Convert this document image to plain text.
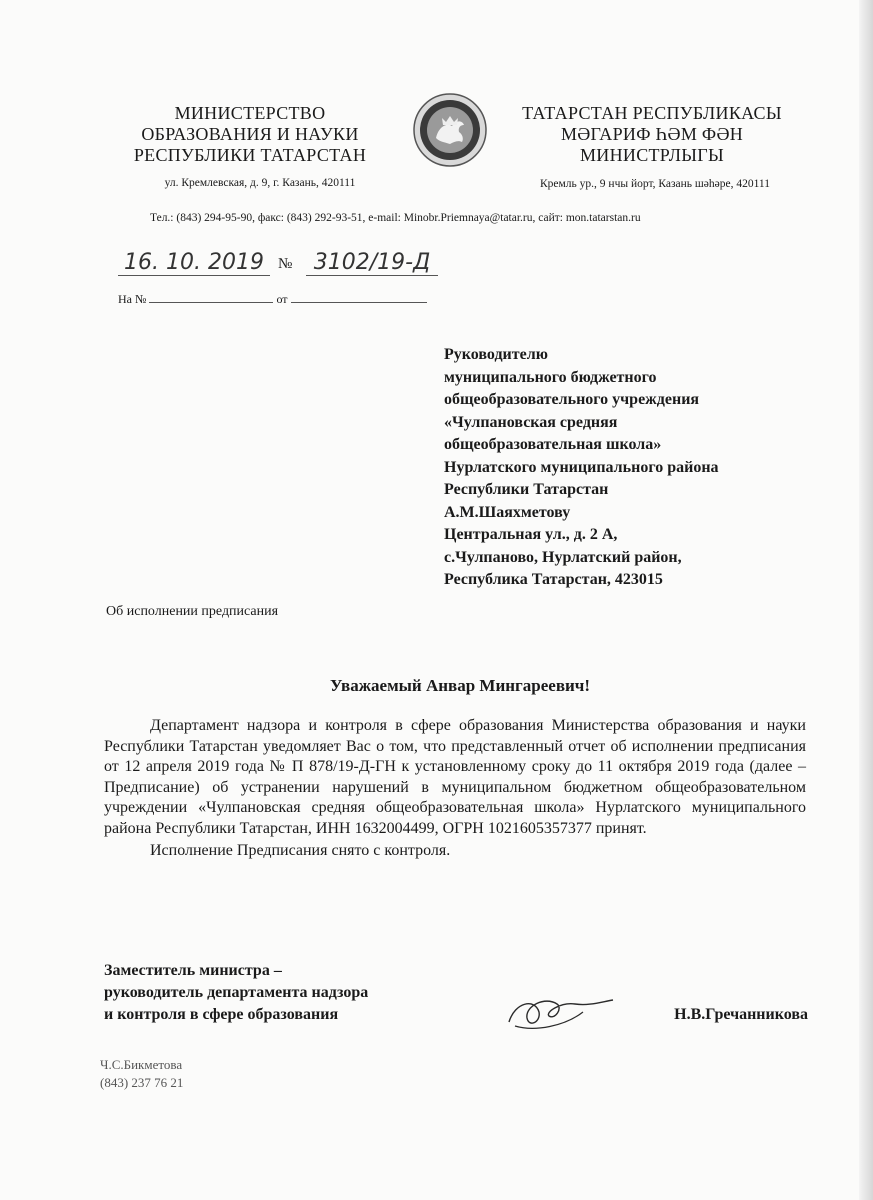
МИНИСТЕРСТВО
ОБРАЗОВАНИЯ И НАУКИ
РЕСПУБЛИКИ ТАТАРСТАН
ул. Кремлевская, д. 9, г. Казань, 420111
ТАТАРСТАН РЕСПУБЛИКАСЫ
МӘГАРИФ ҺӘМ ФӘН
МИНИСТРЛЫГЫ
Кремль ур., 9 нчы йорт, Казань шәһәре, 420111
Тел.: (843) 294-95-90, факс: (843) 292-93-51, e-mail: Minobr.Priemnaya@tatar.ru, сайт: mon.tatarstan.ru
16. 10. 2019 № 3102/19-Д
На №	от
Руководителю
муниципального бюджетного
общеобразовательного учреждения
«Чулпановская средняя
общеобразовательная школа»
Нурлатского муниципального района
Республики Татарстан
А.М.Шаяхметову
Центральная ул., д. 2 А,
с.Чулпаново, Нурлатский район,
Республика Татарстан, 423015
Об исполнении предписания
Уважаемый Анвар Мингареевич!

Департамент надзора и контроля в сфере образования Министерства образования и науки Республики Татарстан уведомляет Вас о том, что представленный отчет об исполнении предписания от 12 апреля 2019 года № П 878/19-Д-ГН к установленному сроку до 11 октября 2019 года (далее – Предписание) об устранении нарушений в муниципальном бюджетном общеобразовательном учреждении «Чулпановская средняя общеобразовательная школа» Нурлатского муниципального района Республики Татарстан, ИНН 1632004499, ОГРН 1021605357377 принят.

Исполнение Предписания снято с контроля.

Заместитель министра –
руководитель департамента надзора
и контроля в сфере образования	Н.В.Гречанникова
Ч.С.Бикметова
(843) 237 76 21
